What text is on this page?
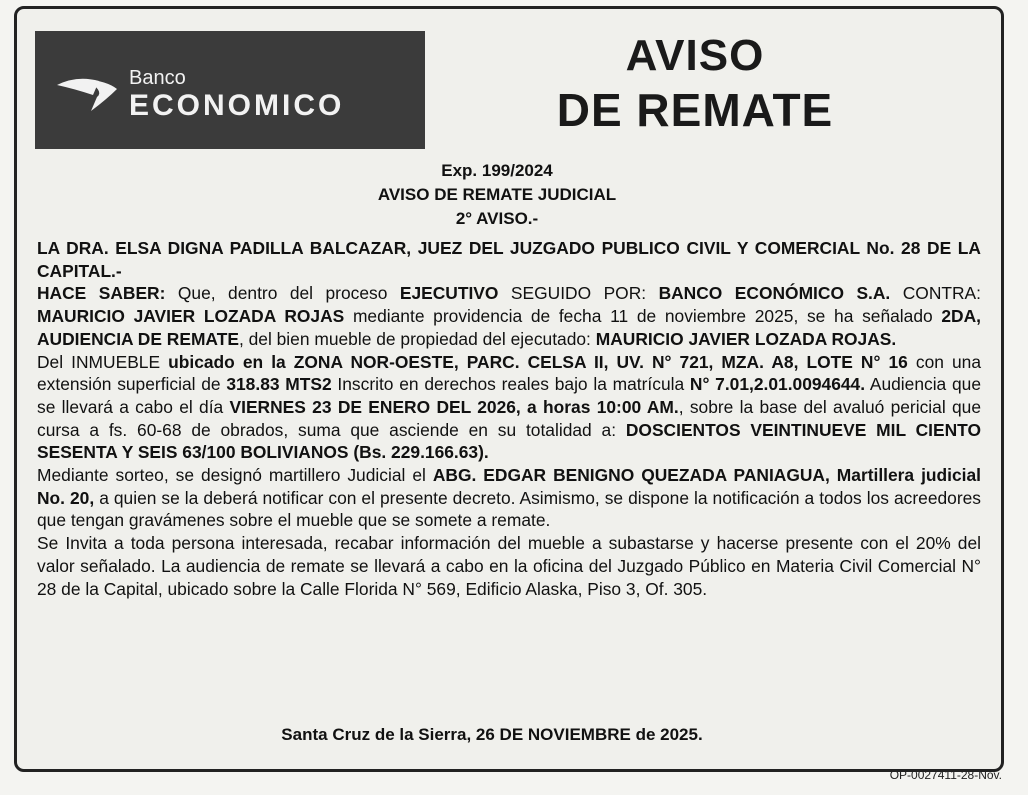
Banco
ECONOMICO
AVISO
DE REMATE
Exp. 199/2024
AVISO DE REMATE JUDICIAL
2° AVISO.-

LA DRA. ELSA DIGNA PADILLA BALCAZAR, JUEZ DEL JUZGADO PUBLICO CIVIL Y COMERCIAL No. 28 DE LA CAPITAL.-

HACE SABER: Que, dentro del proceso EJECUTIVO SEGUIDO POR: BANCO ECONÓMICO S.A. CONTRA: MAURICIO JAVIER LOZADA ROJAS mediante providencia de fecha 11 de noviembre 2025, se ha señalado 2DA, AUDIENCIA DE REMATE, del bien mueble de propiedad del ejecutado: MAURICIO JAVIER LOZADA ROJAS.

Del INMUEBLE ubicado en la ZONA NOR-OESTE, PARC. CELSA II, UV. N° 721, MZA. A8, LOTE N° 16 con una extensión superficial de 318.83 MTS2 Inscrito en derechos reales bajo la matrícula N° 7.01,2.01.0094644. Audiencia que se llevará a cabo el día VIERNES 23 DE ENERO DEL 2026, a horas 10:00 AM., sobre la base del avaluó pericial que cursa a fs. 60-68 de obrados, suma que asciende en su totalidad a: DOSCIENTOS VEINTINUEVE MIL CIENTO SESENTA Y SEIS 63/100 BOLIVIANOS (Bs. 229.166.63).

Mediante sorteo, se designó martillero Judicial el ABG. EDGAR BENIGNO QUEZADA PANIAGUA, Martillera judicial No. 20, a quien se la deberá notificar con el presente decreto. Asimismo, se dispone la notificación a todos los acreedores que tengan gravámenes sobre el mueble que se somete a remate.

Se Invita a toda persona interesada, recabar información del mueble a subastarse y hacerse presente con el 20% del valor señalado. La audiencia de remate se llevará a cabo en la oficina del Juzgado Público en Materia Civil Comercial N° 28 de la Capital, ubicado sobre la Calle Florida N° 569, Edificio Alaska, Piso 3, Of. 305.

Santa Cruz de la Sierra, 26 DE NOVIEMBRE de 2025.
OP-0027411-28-Nov.
